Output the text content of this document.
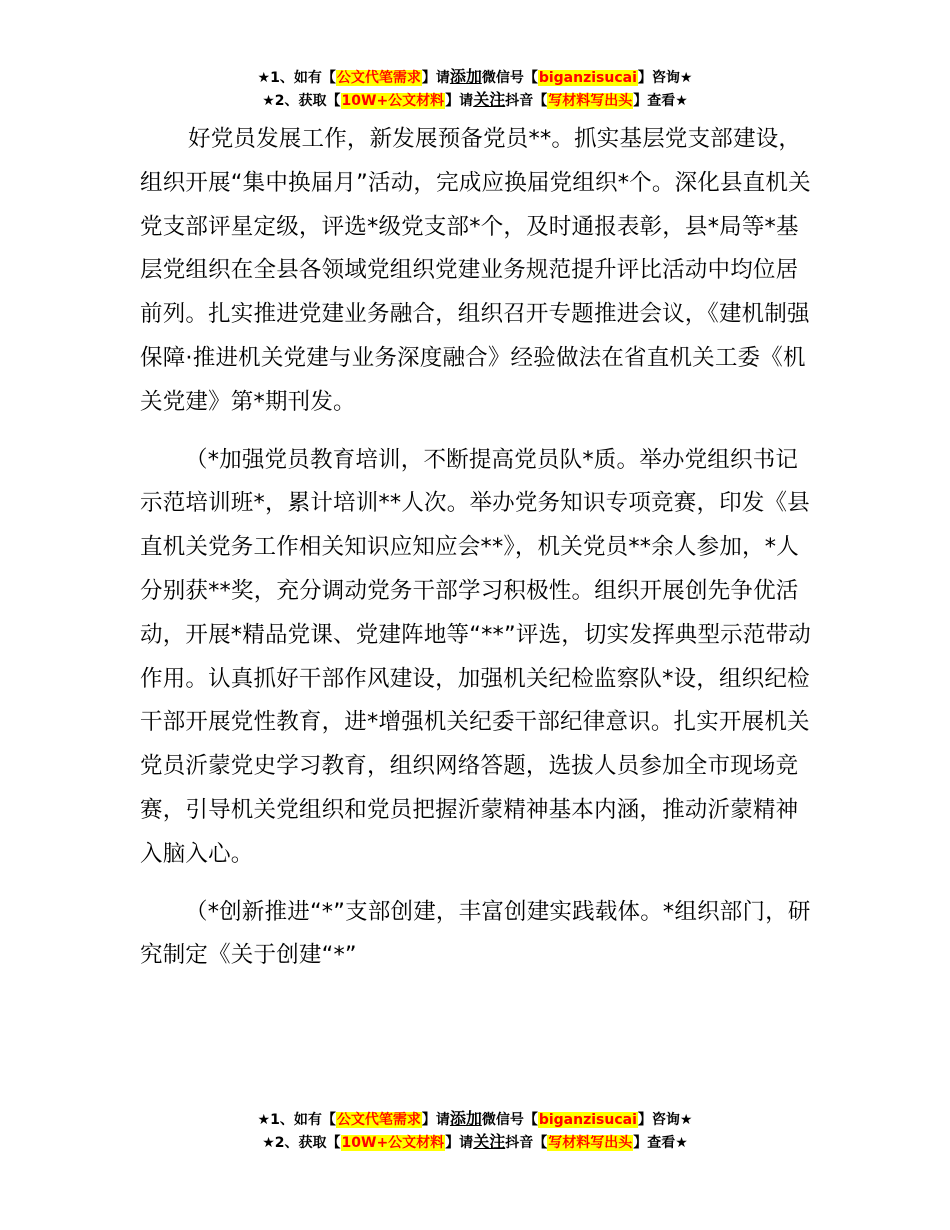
★1、如有【公文代笔需求】请添加微信号【biganzisucai】咨询★
★2、获取【10W+公文材料】请关注抖音【写材料写出头】查看★

好党员发展工作，新发展预备党员**。抓实基层党支部建设，组织开展“集中换届月”活动，完成应换届党组织*个。深化县直机关党支部评星定级，评选*级党支部*个，及时通报表彰，县*局等*基层党组织在全县各领域党组织党建业务规范提升评比活动中均位居前列。扎实推进党建业务融合，组织召开专题推进会议，《建机制强保障·推进机关党建与业务深度融合》经验做法在省直机关工委《机关党建》第*期刊发。

（*加强党员教育培训，不断提高党员队*质。举办党组织书记示范培训班*，累计培训**人次。举办党务知识专项竞赛，印发《县直机关党务工作相关知识应知应会**》，机关党员**余人参加，*人分别获**奖，充分调动党务干部学习积极性。组织开展创先争优活动，开展*精品党课、党建阵地等“**”评选，切实发挥典型示范带动作用。认真抓好干部作风建设，加强机关纪检监察队*设，组织纪检干部开展党性教育，进*增强机关纪委干部纪律意识。扎实开展机关党员沂蒙党史学习教育，组织网络答题，选拔人员参加全市现场竞赛，引导机关党组织和党员把握沂蒙精神基本内涵，推动沂蒙精神入脑入心。

（*创新推进“*”支部创建，丰富创建实践载体。*组织部门，研究制定《关于创建“*”

★1、如有【公文代笔需求】请添加微信号【biganzisucai】咨询★
★2、获取【10W+公文材料】请关注抖音【写材料写出头】查看★
